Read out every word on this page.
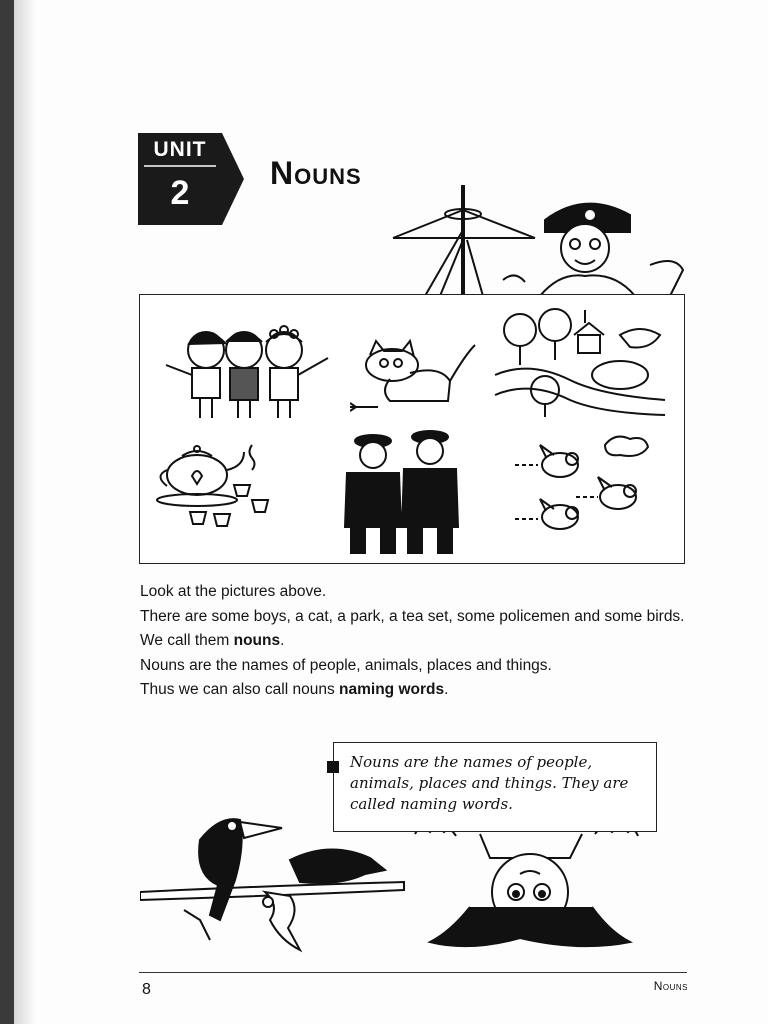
UNIT
2
Nouns

Look at the pictures above.

There are some boys, a cat, a park, a tea set, some policemen and some birds.

We call them nouns.

Nouns are the names of people, animals, places and things.

Thus we can also call nouns naming words.

Nouns are the names of people, animals, places and things. They are called naming words.
8	Nouns
